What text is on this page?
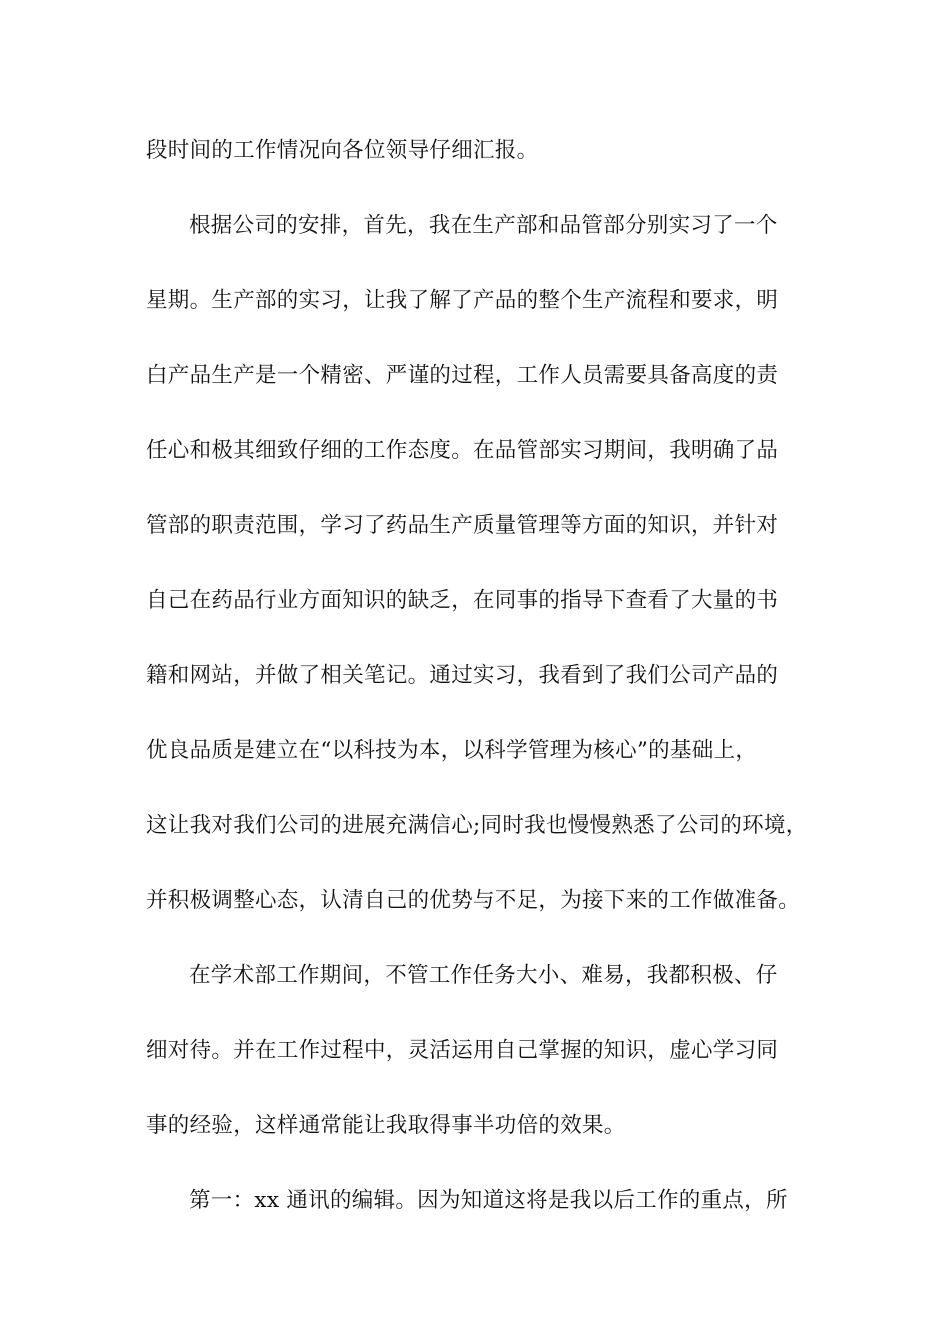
段时间的工作情况向各位领导仔细汇报。
根据公司的安排，首先，我在生产部和品管部分别实习了一个
星期。生产部的实习，让我了解了产品的整个生产流程和要求，明
白产品生产是一个精密、严谨的过程，工作人员需要具备高度的责
任心和极其细致仔细的工作态度。在品管部实习期间，我明确了品
管部的职责范围，学习了药品生产质量管理等方面的知识，并针对
自己在药品行业方面知识的缺乏，在同事的指导下查看了大量的书
籍和网站，并做了相关笔记。通过实习，我看到了我们公司产品的
优良品质是建立在“以科技为本，以科学管理为核心”的基础上，
这让我对我们公司的进展充满信心;同时我也慢慢熟悉了公司的环境，
并积极调整心态，认清自己的优势与不足，为接下来的工作做准备。
在学术部工作期间，不管工作任务大小、难易，我都积极、仔
细对待。并在工作过程中，灵活运用自己掌握的知识，虚心学习同
事的经验，这样通常能让我取得事半功倍的效果。
第一：xx 通讯的编辑。因为知道这将是我以后工作的重点，所
